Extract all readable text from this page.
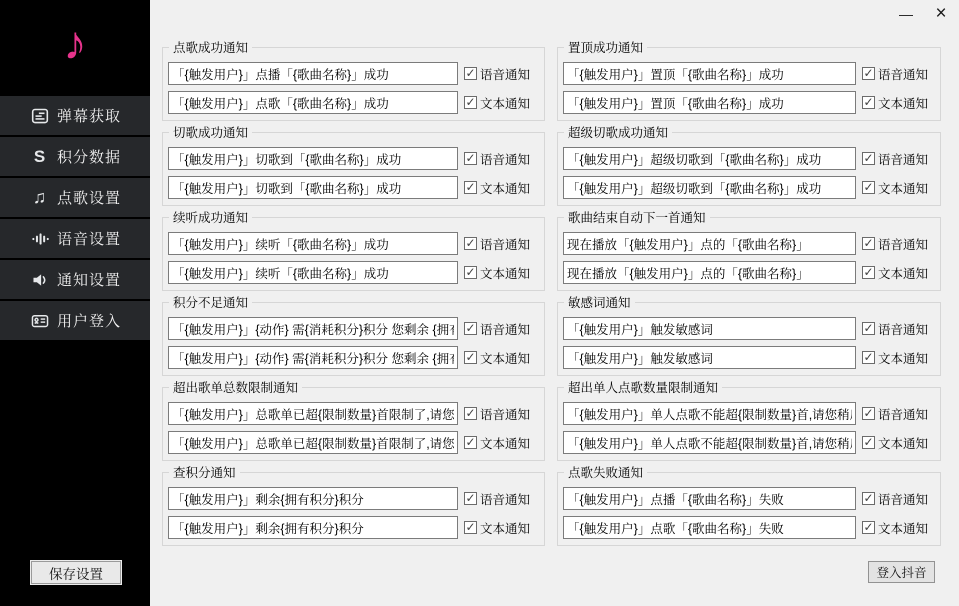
♪
弹幕获取
S 积分数据
♫ 点歌设置
语音设置
通知设置
用户登入
保存设置
— ×
点歌成功通知
「{触发用户}」点播「{歌曲名称}」成功
✓ 语音通知
「{触发用户}」点歌「{歌曲名称}」成功
✓ 文本通知
切歌成功通知
「{触发用户}」切歌到「{歌曲名称}」成功
✓ 语音通知
「{触发用户}」切歌到「{歌曲名称}」成功
✓ 文本通知
续听成功通知
「{触发用户}」续听「{歌曲名称}」成功
✓ 语音通知
「{触发用户}」续听「{歌曲名称}」成功
✓ 文本通知
积分不足通知
「{触发用户}」{动作} 需{消耗积分}积分 您剩余 {拥有积分}积分
✓ 语音通知
「{触发用户}」{动作} 需{消耗积分}积分 您剩余 {拥有积分}积分
✓ 文本通知
超出歌单总数限制通知
「{触发用户}」总歌单已超{限制数量}首限制了,请您稍后
✓ 语音通知
「{触发用户}」总歌单已超{限制数量}首限制了,请您稍后
✓ 文本通知
查积分通知
「{触发用户}」剩余{拥有积分}积分
✓ 语音通知
「{触发用户}」剩余{拥有积分}积分
✓ 文本通知
置顶成功通知
「{触发用户}」置顶「{歌曲名称}」成功
✓ 语音通知
「{触发用户}」置顶「{歌曲名称}」成功
✓ 文本通知
超级切歌成功通知
「{触发用户}」超级切歌到「{歌曲名称}」成功
✓ 语音通知
「{触发用户}」超级切歌到「{歌曲名称}」成功
✓ 文本通知
歌曲结束自动下一首通知
现在播放「{触发用户}」点的「{歌曲名称}」
✓ 语音通知
现在播放「{触发用户}」点的「{歌曲名称}」
✓ 文本通知
敏感词通知
「{触发用户}」触发敏感词
✓ 语音通知
「{触发用户}」触发敏感词
✓ 文本通知
超出单人点歌数量限制通知
「{触发用户}」单人点歌不能超{限制数量}首,请您稍后
✓ 语音通知
「{触发用户}」单人点歌不能超{限制数量}首,请您稍后
✓ 文本通知
点歌失败通知
「{触发用户}」点播「{歌曲名称}」失败
✓ 语音通知
「{触发用户}」点歌「{歌曲名称}」失败
✓ 文本通知
登入抖音
